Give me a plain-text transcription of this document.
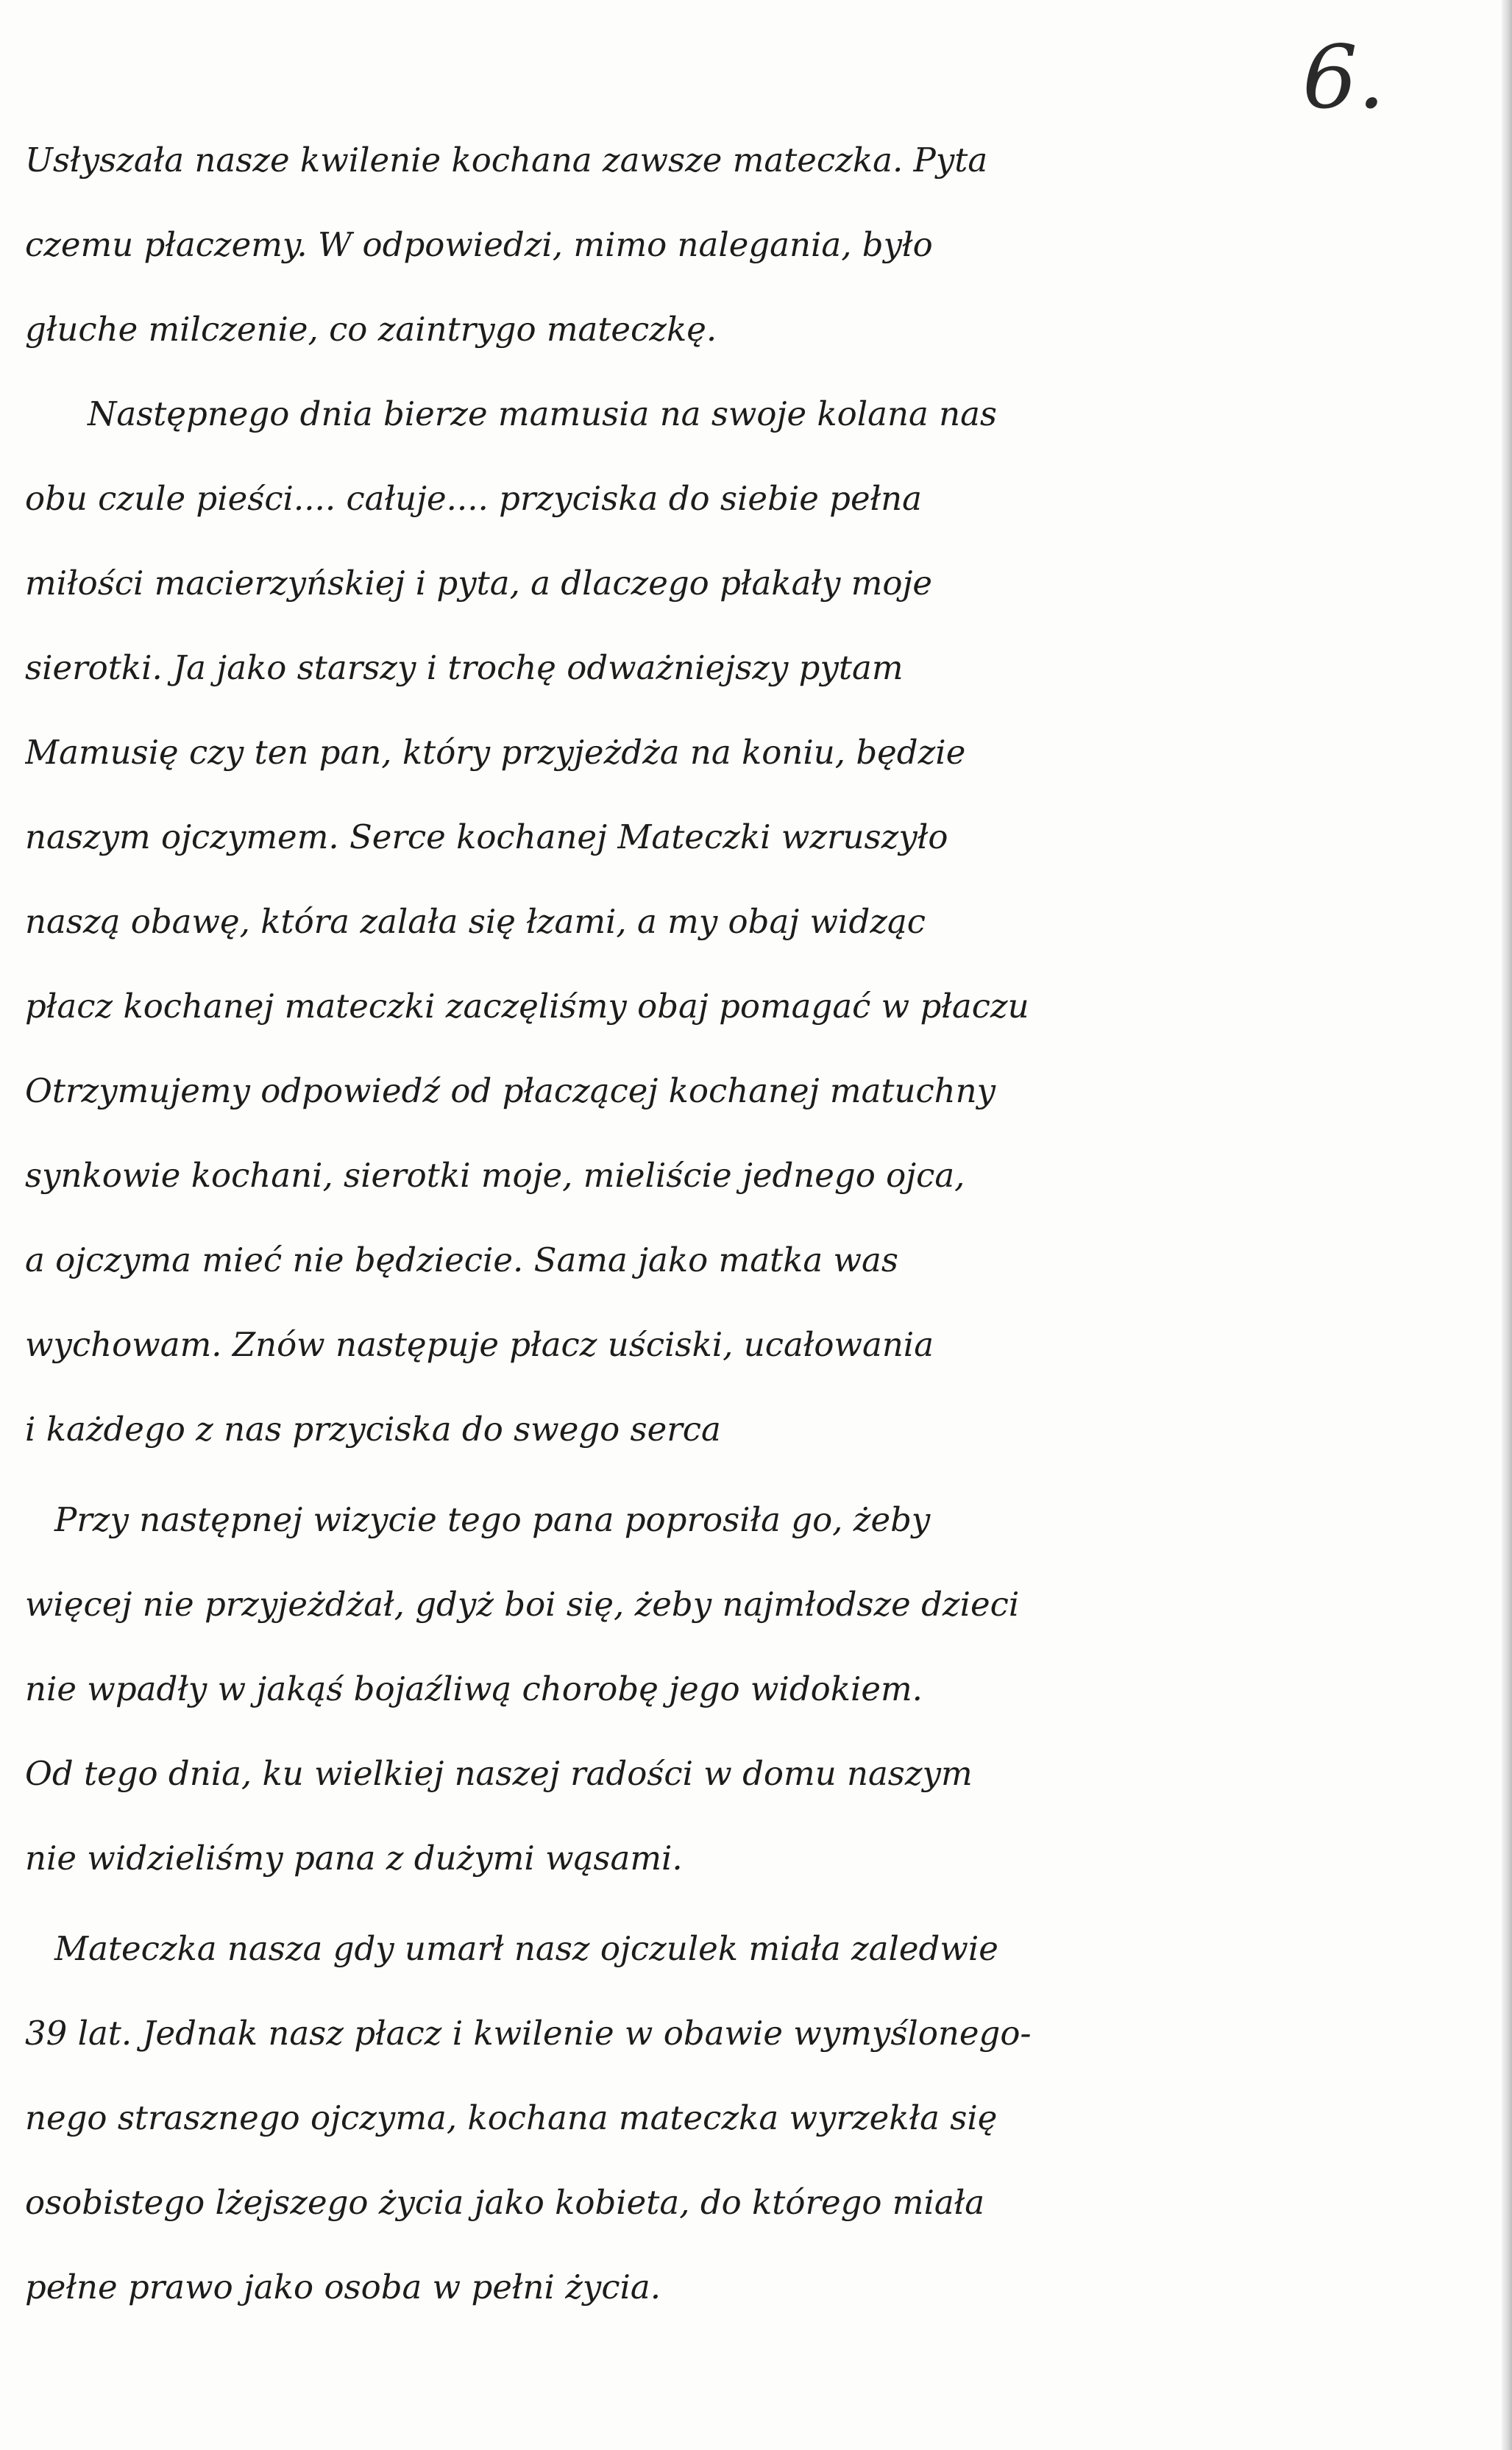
6.
Usłyszała nasze kwilenie kochana zawsze mateczka. Pyta
czemu płaczemy. W odpowiedzi, mimo nalegania, było
głuche milczenie, co zaintrygo mateczkę.
Następnego dnia bierze mamusia na swoje kolana nas
obu czule pieści.... całuje.... przyciska do siebie pełna
miłości macierzyńskiej i pyta, a dlaczego płakały moje
sierotki. Ja jako starszy i trochę odważniejszy pytam
Mamusię czy ten pan, który przyjeżdża na koniu, będzie
naszym ojczymem. Serce kochanej Mateczki wzruszyło
naszą obawę, która zalała się łzami, a my obaj widząc
płacz kochanej mateczki zaczęliśmy obaj pomagać w płaczu
Otrzymujemy odpowiedź od płaczącej kochanej matuchny
synkowie kochani, sierotki moje, mieliście jednego ojca,
a ojczyma mieć nie będziecie. Sama jako matka was
wychowam. Znów następuje płacz uściski, ucałowania
i każdego z nas przyciska do swego serca
Przy następnej wizycie tego pana poprosiła go, żeby
więcej nie przyjeżdżał, gdyż boi się, żeby najmłodsze dzieci
nie wpadły w jakąś bojaźliwą chorobę jego widokiem.
Od tego dnia, ku wielkiej naszej radości w domu naszym
nie widzieliśmy pana z dużymi wąsami.
Mateczka nasza gdy umarł nasz ojczulek miała zaledwie
39 lat. Jednak nasz płacz i kwilenie w obawie wymyślonego-
nego strasznego ojczyma, kochana mateczka wyrzekła się
osobistego lżejszego życia jako kobieta, do którego miała
pełne prawo jako osoba w pełni życia.
